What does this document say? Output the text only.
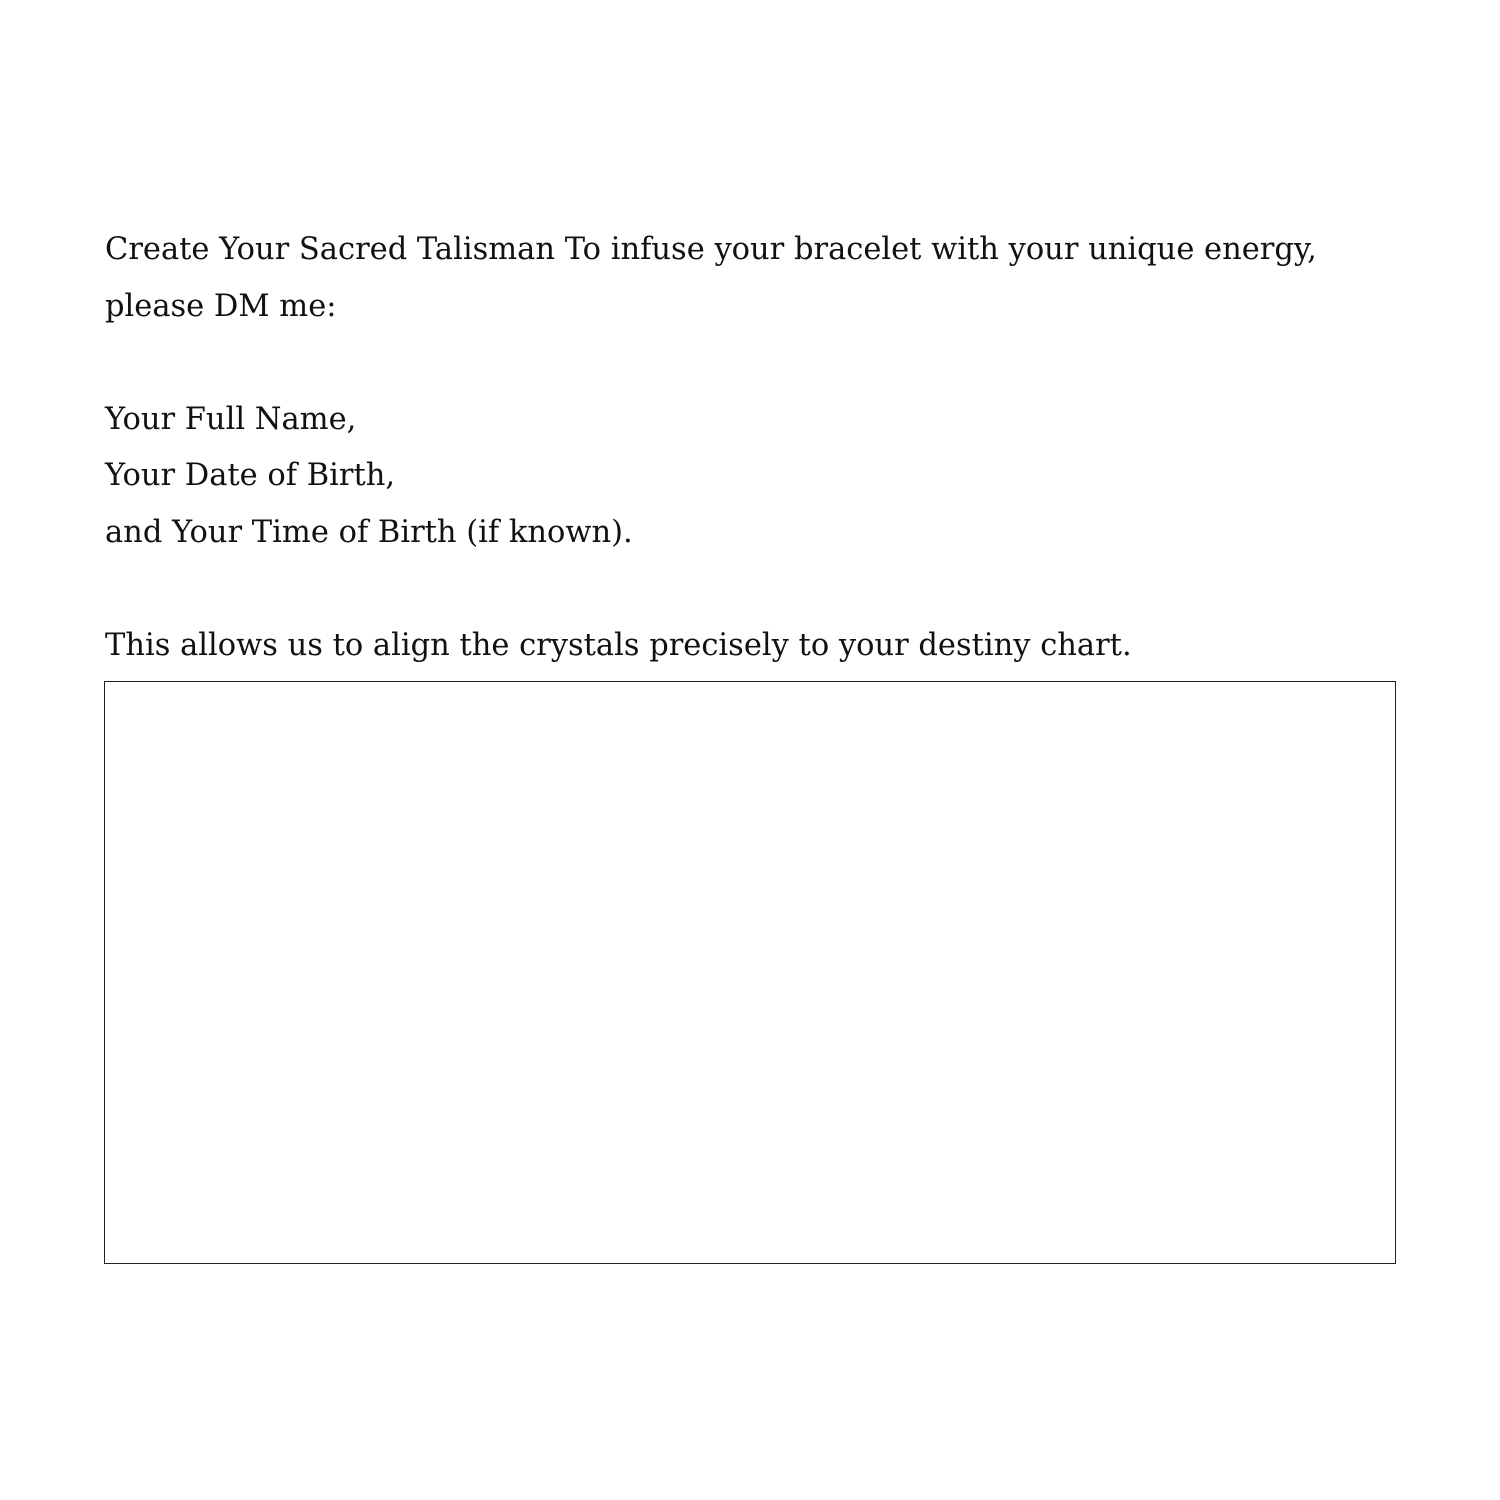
Create Your Sacred Talisman To infuse your bracelet with your unique energy,

please DM me:

Your Full Name,

Your Date of Birth,

and Your Time of Birth (if known).

This allows us to align the crystals precisely to your destiny chart.
